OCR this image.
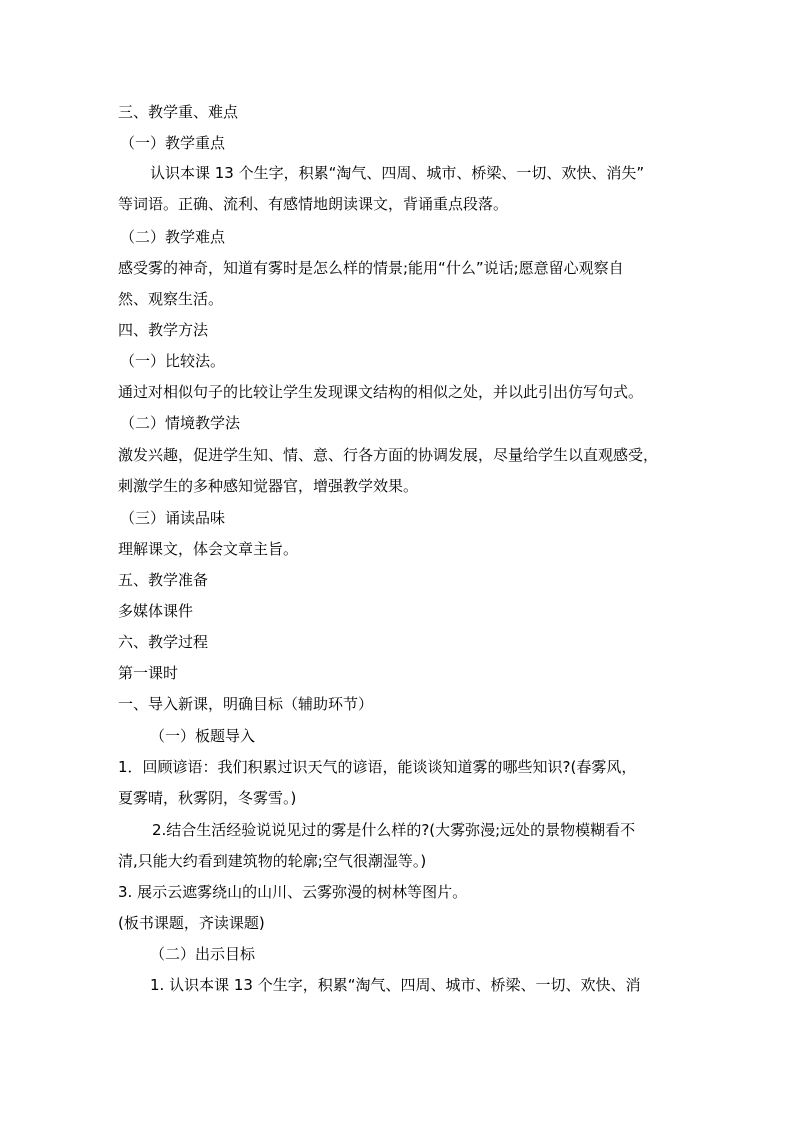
三、教学重、难点
（一）教学重点
认识本课 13 个生字，积累“淘气、四周、城市、桥梁、一切、欢快、消失”
等词语。正确、流利、有感情地朗读课文，背诵重点段落。
（二）教学难点
感受雾的神奇，知道有雾时是怎么样的情景;能用“什么”说话;愿意留心观察自
然、观察生活。
四、教学方法
（一）比较法。
通过对相似句子的比较让学生发现课文结构的相似之处，并以此引出仿写句式。
（二）情境教学法
激发兴趣，促进学生知、情、意、行各方面的协调发展，尽量给学生以直观感受，
刺激学生的多种感知觉器官，增强教学效果。
（三）诵读品味
理解课文，体会文章主旨。
五、教学准备
多媒体课件
六、教学过程
第一课时
一、导入新课，明确目标（辅助环节）
（一）板题导入
1．回顾谚语：我们积累过识天气的谚语，能谈谈知道雾的哪些知识?(春雾风，
夏雾晴，秋雾阴，冬雾雪。)
2.结合生活经验说说见过的雾是什么样的?(大雾弥漫;远处的景物模糊看不
清,只能大约看到建筑物的轮廓;空气很潮湿等。)
3. 展示云遮雾绕山的山川、云雾弥漫的树林等图片。
(板书课题，齐读课题)
（二）出示目标
1. 认识本课 13 个生字，积累“淘气、四周、城市、桥梁、一切、欢快、消
